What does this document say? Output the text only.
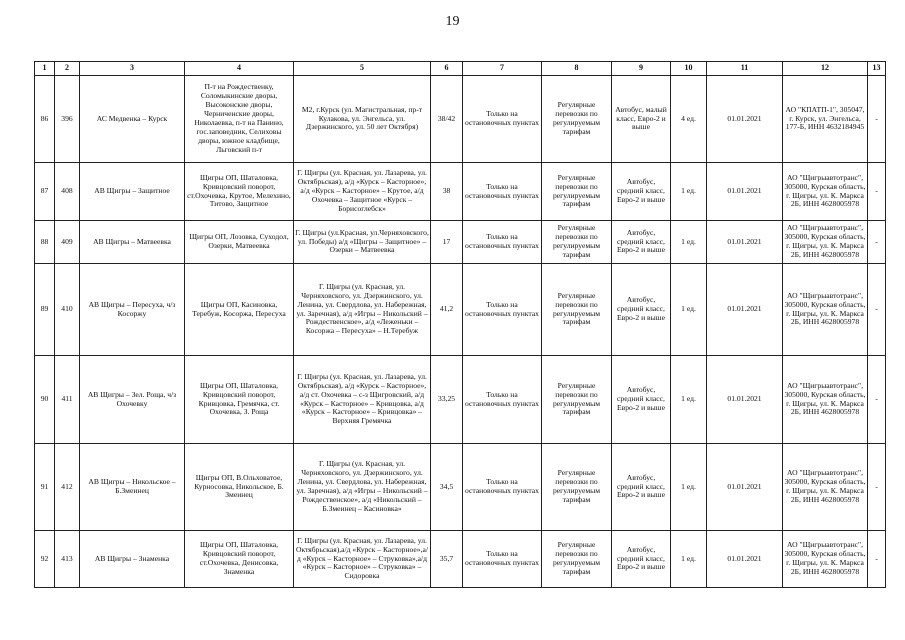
19
1	2	3	4	5	6	7	8	9	10	11	12	13
86	396	АС Медвенка – Курск	П-т на Рождественку, Соломыкинские дворы, Высоконские дворы, Черниченские дворы, Николаевка, п-т на Панино, гос.заповедник, Селиховы дворы, южное кладбище, Льговский п-т	М2, г.Курск (ул. Магистральная, пр-т Кулакова, ул. Энгельса, ул. Дзержинского, ул. 50 лет Октября)	38/42	Только на остановочных пунктах	Регулярные перевозки по регулируемым тарифам	Автобус, малый класс, Евро-2 и выше	4 ед.	01.01.2021	АО "КПАТП-1", 305047, г. Курск, ул. Энгельса, 177-Б, ИНН 4632184945	-
87	408	АВ Щигры – Защитное	Щигры ОП, Шаталовка, Кривцовский поворот, ст.Охочевка, Крутое, Мелехино, Титово, Защитное	Г. Щигры (ул. Красная, ул. Лазарева, ул. Октябрьская), а/д «Курск – Касторное», а/д «Курск – Касторное» – Крутое, а/д Охочевка – Защитное «Курск – Борисоглебск»	38	Только на остановочных пунктах	Регулярные перевозки по регулируемым тарифам	Автобус, средний класс, Евро-2 и выше	1 ед.	01.01.2021	АО "Щигрыавтотранс", 305000, Курская область, г. Щигры, ул. К. Маркса 2Б, ИНН 4628005978	-
88	409	АВ Щигры – Матвеевка	Щигры ОП, Лозовка, Суходол, Озерки, Матвеевка	Г. Щигры (ул.Красная, ул.Черняховского, ул. Победы) а/д «Щигры – Защитное» – Озерки – Матвеевка	17	Только на остановочных пунктах	Регулярные перевозки по регулируемым тарифам	Автобус, средний класс, Евро-2 и выше	1 ед.	01.01.2021	АО "Щигрыавтотранс", 305000, Курская область, г. Щигры, ул. К. Маркса 2Б, ИНН 4628005978	-
89	410	АВ Щигры – Пересуха, ч/з Косоржу	Щигры ОП, Касиновка, Теребуж, Косоржа, Пересуха	Г. Щигры (ул. Красная, ул. Черняховского, ул. Дзержинского, ул. Ленина, ул. Свердлова, ул. Набережная, ул. Заречная), а/д «Игры – Никольский – Рождественское», а/д «Леженьки – Косоржа – Пересуха» – Н.Теребуж	41,2	Только на остановочных пунктах	Регулярные перевозки по регулируемым тарифам	Автобус, средний класс, Евро-2 и выше	1 ед.	01.01.2021	АО "Щигрыавтотранс", 305000, Курская область, г. Щигры, ул. К. Маркса 2Б, ИНН 4628005978	-
90	411	АВ Щигры – Зел. Роща, ч/з Охочевку	Щигры ОП, Шаталовка, Кривцовский поворот, Кривцовка, Гремячка, ст. Охочевка, З. Роща	Г. Щигры (ул. Красная, ул. Лазарева, ул. Октябрьская), а/д «Курск – Касторное», а/д ст. Охочевка – с-з Щигровский, а/д «Курск – Касторное» – Кривцовка, а/д «Курск – Касторное» – Кривцовка» – Верхняя Гремячка	33,25	Только на остановочных пунктах	Регулярные перевозки по регулируемым тарифам	Автобус, средний класс, Евро-2 и выше	1 ед.	01.01.2021	АО "Щигрыавтотранс", 305000, Курская область, г. Щигры, ул. К. Маркса 2Б, ИНН 4628005978	-
91	412	АВ Щигры – Никольское – Б.Змеинец	Щигры ОП, В.Ольховатое, Курносовка, Никольское, Б. Змеинец	Г. Щигры (ул. Красная, ул. Черняховского, ул. Дзержинского, ул. Ленина, ул. Свердлова, ул. Набережная, ул. Заречная), а/д «Игры – Никольский – Рождественское», а/д «Никольский – Б.Змеинец – Касиновка»	34,5	Только на остановочных пунктах	Регулярные перевозки по регулируемым тарифам	Автобус, средний класс, Евро-2 и выше	1 ед.	01.01.2021	АО "Щигрыавтотранс", 305000, Курская область, г. Щигры, ул. К. Маркса 2Б, ИНН 4628005978	-
92	413	АВ Щигры – Знаменка	Щигры ОП, Шаталовка, Кривцовский поворот, ст.Охочевка, Денисовка, Знаменка	Г. Щигры (ул. Красная, ул. Лазарева, ул. Октябрьская),а/д «Курск – Касторное»,а/д «Курск – Касторное» – Струковка»,а/д «Курск – Касторное» – Струковка» – Сидоровка	35,7	Только на остановочных пунктах	Регулярные перевозки по регулируемым тарифам	Автобус, средний класс, Евро-2 и выше	1 ед.	01.01.2021	АО "Щигрыавтотранс", 305000, Курская область, г. Щигры, ул. К. Маркса 2Б, ИНН 4628005978	-
